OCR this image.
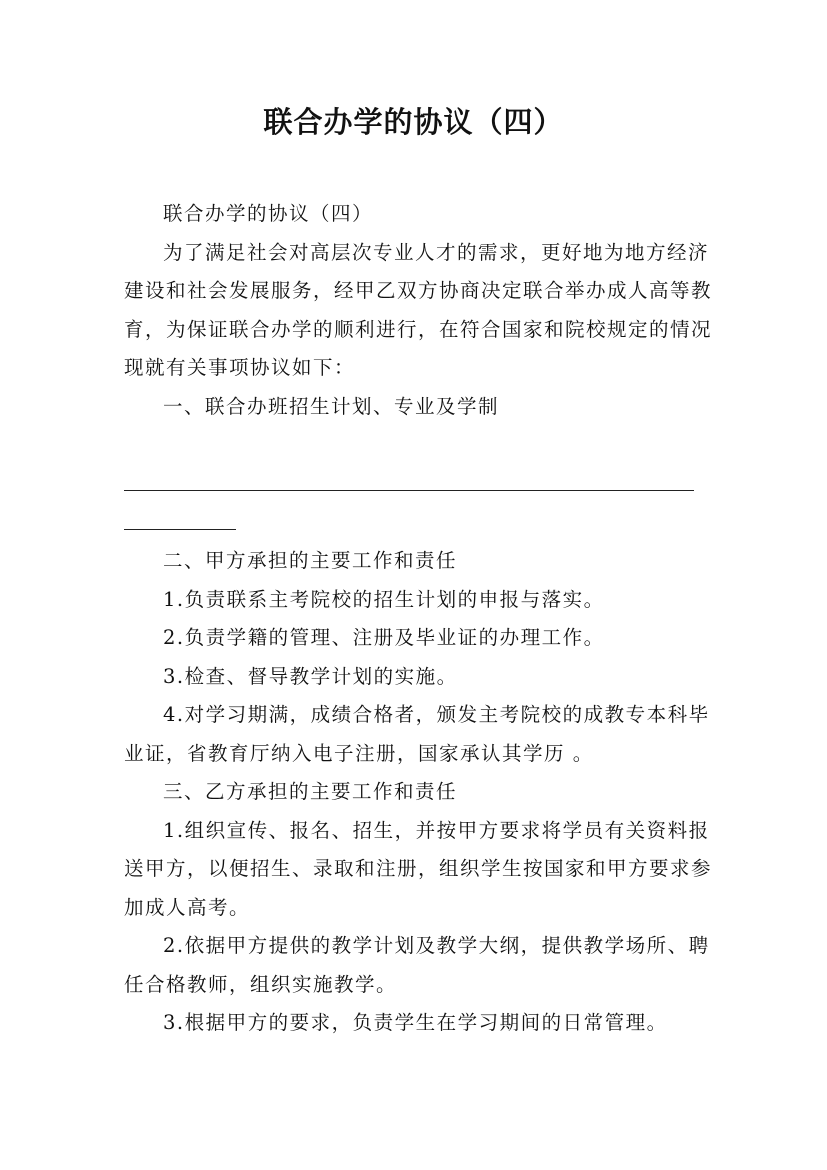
联合办学的协议（四）

联合办学的协议（四）

为了满足社会对高层次专业人才的需求，更好地为地方经济建设和社会发展服务，经甲乙双方协商决定联合举办成人高等教育，为保证联合办学的顺利进行，在符合国家和院校规定的情况现就有关事项协议如下：

一、联合办班招生计划、专业及学制

二、甲方承担的主要工作和责任

1.负责联系主考院校的招生计划的申报与落实。

2.负责学籍的管理、注册及毕业证的办理工作。

3.检查、督导教学计划的实施。

4.对学习期满，成绩合格者，颁发主考院校的成教专本科毕业证，省教育厅纳入电子注册，国家承认其学历 。

三、乙方承担的主要工作和责任

1.组织宣传、报名、招生，并按甲方要求将学员有关资料报送甲方，以便招生、录取和注册，组织学生按国家和甲方要求参加成人高考。

2.依据甲方提供的教学计划及教学大纲，提供教学场所、聘任合格教师，组织实施教学。

3.根据甲方的要求，负责学生在学习期间的日常管理。
